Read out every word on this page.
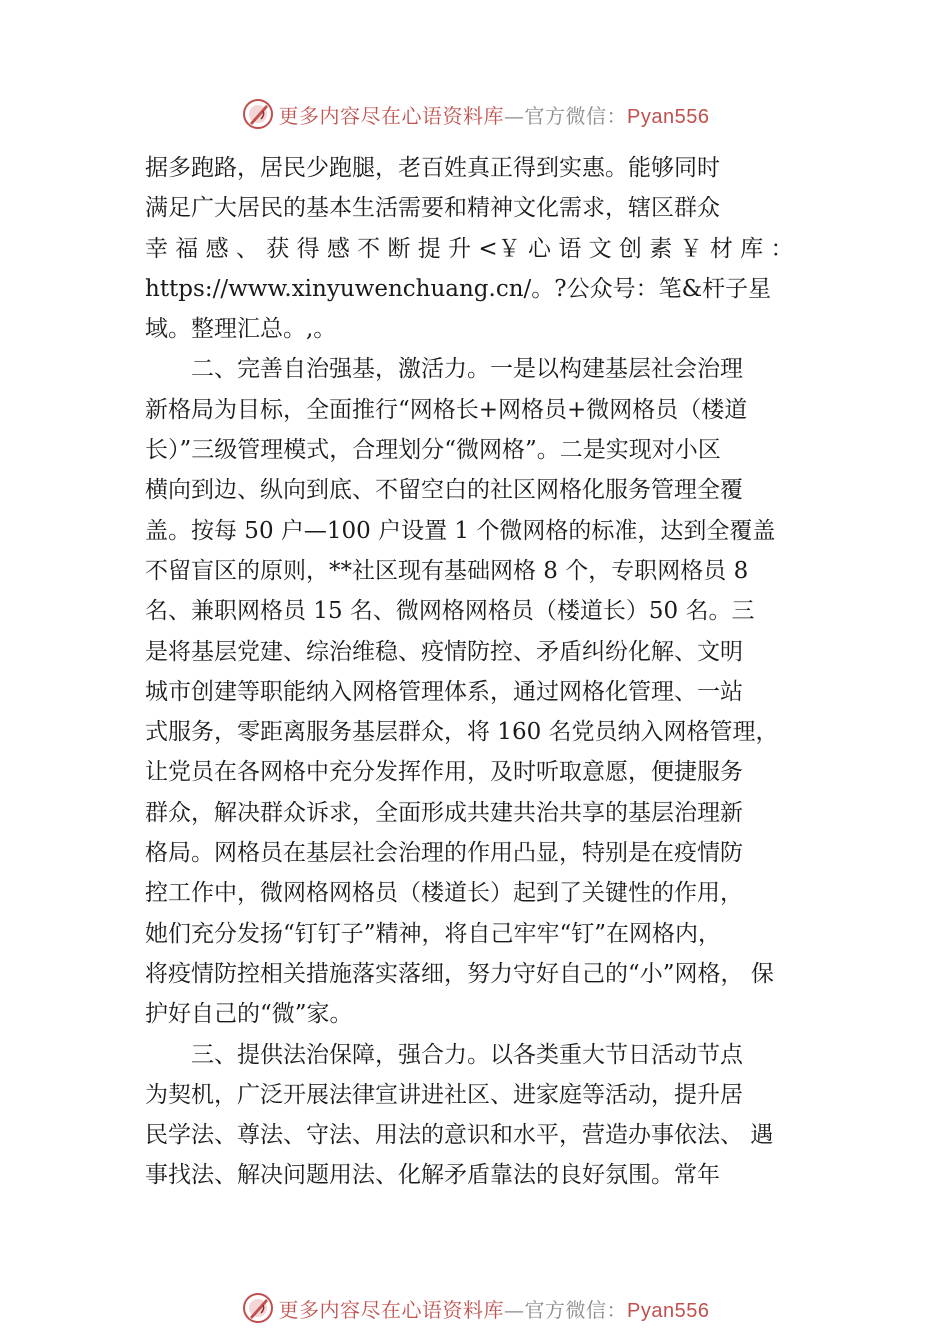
更多内容尽在心语资料库—官方微信：Pyan556
据多跑路，居民少跑腿，老百姓真正得到实惠。能够同时
满足广大居民的基本生活需要和精神文化需求，辖区群众
幸 福 感 、 获 得 感 不 断 提 升 <￥ 心 语 文 创 素 ￥ 材 库 ：
https://www.xinyuwenchuang.cn/。?公众号：笔&杆子星
域。整理汇总。,。
　　二、完善自治强基，激活力。一是以构建基层社会治理
新格局为目标，全面推行“网格长+网格员+微网格员（楼道
长）”三级管理模式，合理划分“微网格”。二是实现对小区
横向到边、纵向到底、不留空白的社区网格化服务管理全覆
盖。按每 50 户—100 户设置 1 个微网格的标准，达到全覆盖
不留盲区的原则，**社区现有基础网格 8 个，专职网格员 8
名、兼职网格员 15 名、微网格网格员（楼道长）50 名。三
是将基层党建、综治维稳、疫情防控、矛盾纠纷化解、文明
城市创建等职能纳入网格管理体系，通过网格化管理、一站
式服务，零距离服务基层群众，将 160 名党员纳入网格管理，
让党员在各网格中充分发挥作用，及时听取意愿，便捷服务
群众，解决群众诉求，全面形成共建共治共享的基层治理新
格局。网格员在基层社会治理的作用凸显，特别是在疫情防
控工作中，微网格网格员（楼道长）起到了关键性的作用，
她们充分发扬“钉钉子”精神，将自己牢牢“钉”在网格内，
将疫情防控相关措施落实落细，努力守好自己的“小”网格， 保
护好自己的“微”家。
　　三、提供法治保障，强合力。以各类重大节日活动节点
为契机，广泛开展法律宣讲进社区、进家庭等活动，提升居
民学法、尊法、守法、用法的意识和水平，营造办事依法、 遇
事找法、解决问题用法、化解矛盾靠法的良好氛围。常年
更多内容尽在心语资料库—官方微信：Pyan556
